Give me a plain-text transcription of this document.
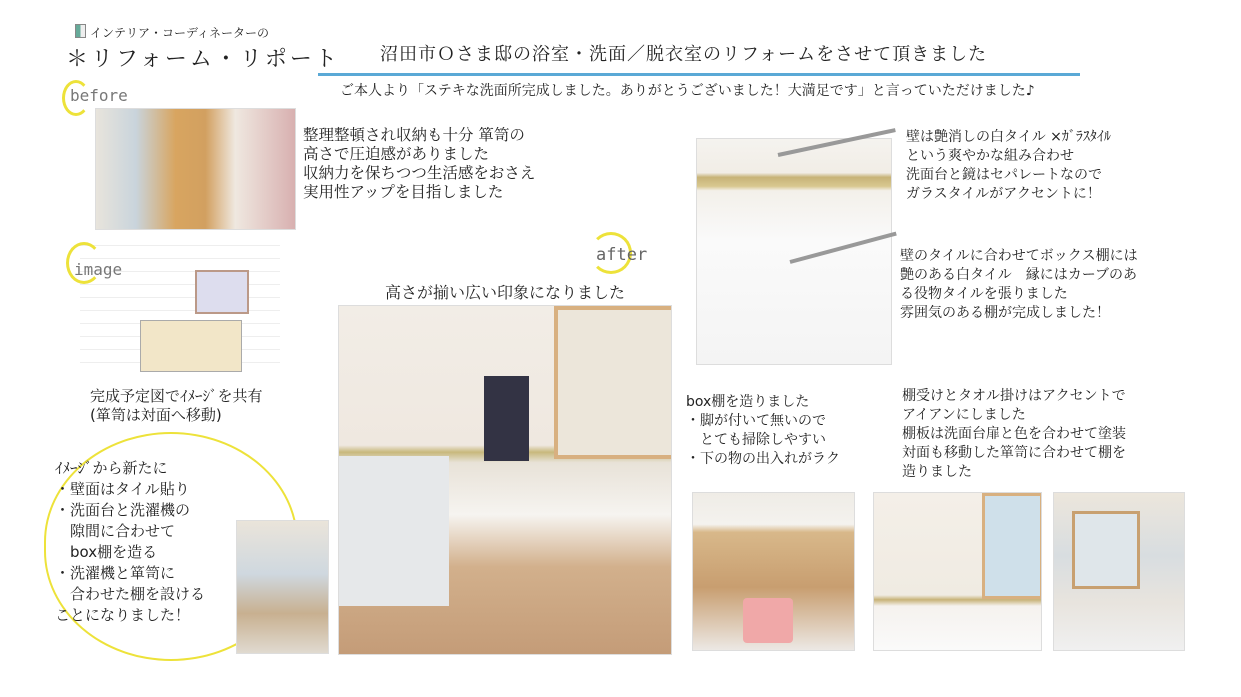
インテリア・コーディネーターの
＊リフォーム・リポート 沼田市Ｏさま邸の浴室・洗面／脱衣室のリフォームをさせて頂きました
ご本人より「ステキな洗面所完成しました。ありがとうございました！大満足です」と言っていただけました♪
before
整理整頓され収納も十分 箪笥の
高さで圧迫感がありました
収納力を保ちつつ生活感をおさえ
実用性アップを目指しました
image
完成予定図でｲﾒｰｼﾞを共有
(箪笥は対面へ移動)
ｲﾒｰｼﾞから新たに
・壁面はタイル貼り
・洗面台と洗濯機の
　隙間に合わせて
　box棚を造る
・洗濯機と箪笥に
　合わせた棚を設ける
ことになりました！
after
高さが揃い広い印象になりました
壁は艶消しの白タイル ×ｶﾞﾗｽﾀｲﾙ
という爽やかな組み合わせ
洗面台と鏡はセパレートなので
ガラスタイルがアクセントに！
壁のタイルに合わせてボックス棚には
艶のある白タイル　縁にはカーブのあ
る役物タイルを張りました
雰囲気のある棚が完成しました！
box棚を造りました
・脚が付いて無いので
　とても掃除しやすい
・下の物の出入れがラク
棚受けとタオル掛けはアクセントで
アイアンにしました
棚板は洗面台扉と色を合わせて塗装
対面も移動した箪笥に合わせて棚を
造りました
